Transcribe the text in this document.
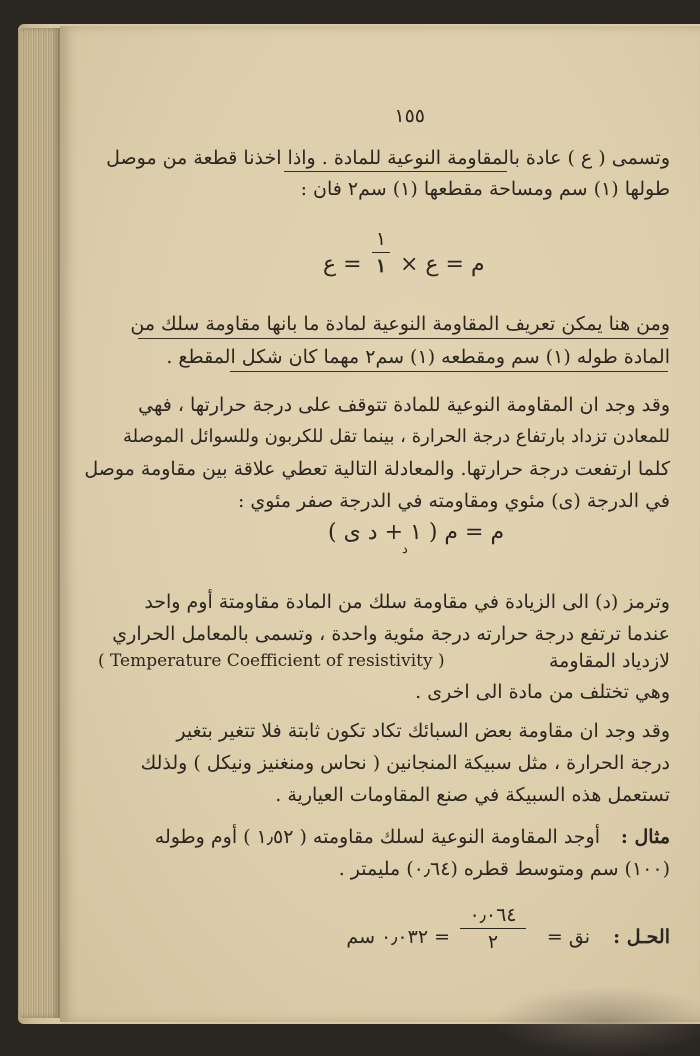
١٥٥
وتسمى ( ع ) عادة بالمقاومة النوعية للمادة . واذا اخذنا قطعة من موصل
طولها (١) سم ومساحة مقطعها (١) سم٢ فان :
م = ع ×
١
١
= ع
ومن هنا يمكن تعريف المقاومة النوعية لمادة ما بانها مقاومة سلك من
المادة طوله (١) سم ومقطعه (١) سم٢ مهما كان شكل المقطع .
وقد وجد ان المقاومة النوعية للمادة تتوقف على درجة حرارتها ، فهي
للمعادن تزداد بارتفاع درجة الحرارة ، بينما تقل للكربون وللسوائل الموصلة
كلما ارتفعت درجة حرارتها. والمعادلة التالية تعطي علاقة بين مقاومة موصل
في الدرجة (ى) مئوي ومقاومته في الدرجة صفر مئوي :
م = م ( ١ + د ى )
د
وترمز (د) الى الزيادة في مقاومة سلك من المادة مقاومتة أوم واحد
عندما ترتفع درجة حرارته درجة مئوية واحدة ، وتسمى بالمعامل الحراري
لازدياد المقاومة
( Temperature Coefficient of resistivity )
وهي تختلف من مادة الى اخرى .
وقد وجد ان مقاومة بعض السبائك تكاد تكون ثابتة فلا تتغير بتغير
درجة الحرارة ، مثل سبيكة المنجانين ( نحاس ومنغنيز ونيكل ) ولذلك
تستعمل هذه السبيكة في صنع المقاومات العيارية .
مثال :
أوجد المقاومة النوعية لسلك مقاومته ( ١٫٥٢ ) أوم وطوله
(١٠٠) سم ومتوسط قطره (٠٫٦٤) مليمتر .
الحـل :
نق =
٠٫٠٦٤
٢
= ٠٫٠٣٢ سم
